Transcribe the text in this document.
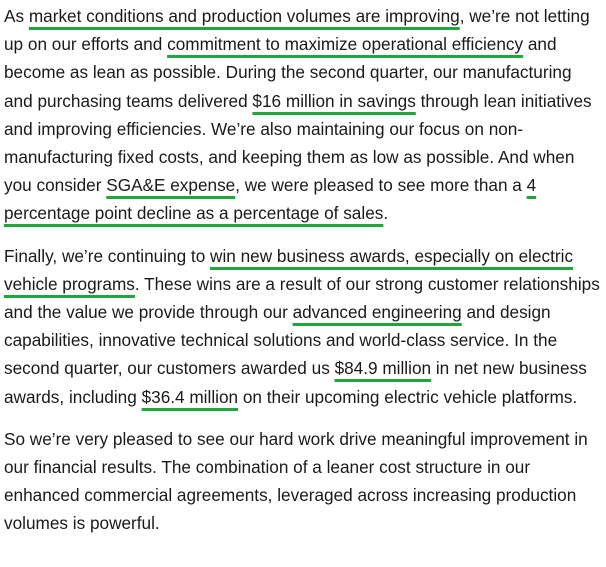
As market conditions and production volumes are improving, we’re not letting up on our efforts and commitment to maximize operational efficiency and become as lean as possible. During the second quarter, our manufacturing and purchasing teams delivered $16 million in savings through lean initiatives and improving efficiencies. We’re also maintaining our focus on non-manufacturing fixed costs, and keeping them as low as possible. And when you consider SGA&E expense, we were pleased to see more than a 4 percentage point decline as a percentage of sales.

Finally, we’re continuing to win new business awards, especially on electric vehicle programs. These wins are a result of our strong customer relationships and the value we provide through our advanced engineering and design capabilities, innovative technical solutions and world-class service. In the second quarter, our customers awarded us $84.9 million in net new business awards, including $36.4 million on their upcoming electric vehicle platforms.

So we’re very pleased to see our hard work drive meaningful improvement in our financial results. The combination of a leaner cost structure in our enhanced commercial agreements, leveraged across increasing production volumes is powerful.
